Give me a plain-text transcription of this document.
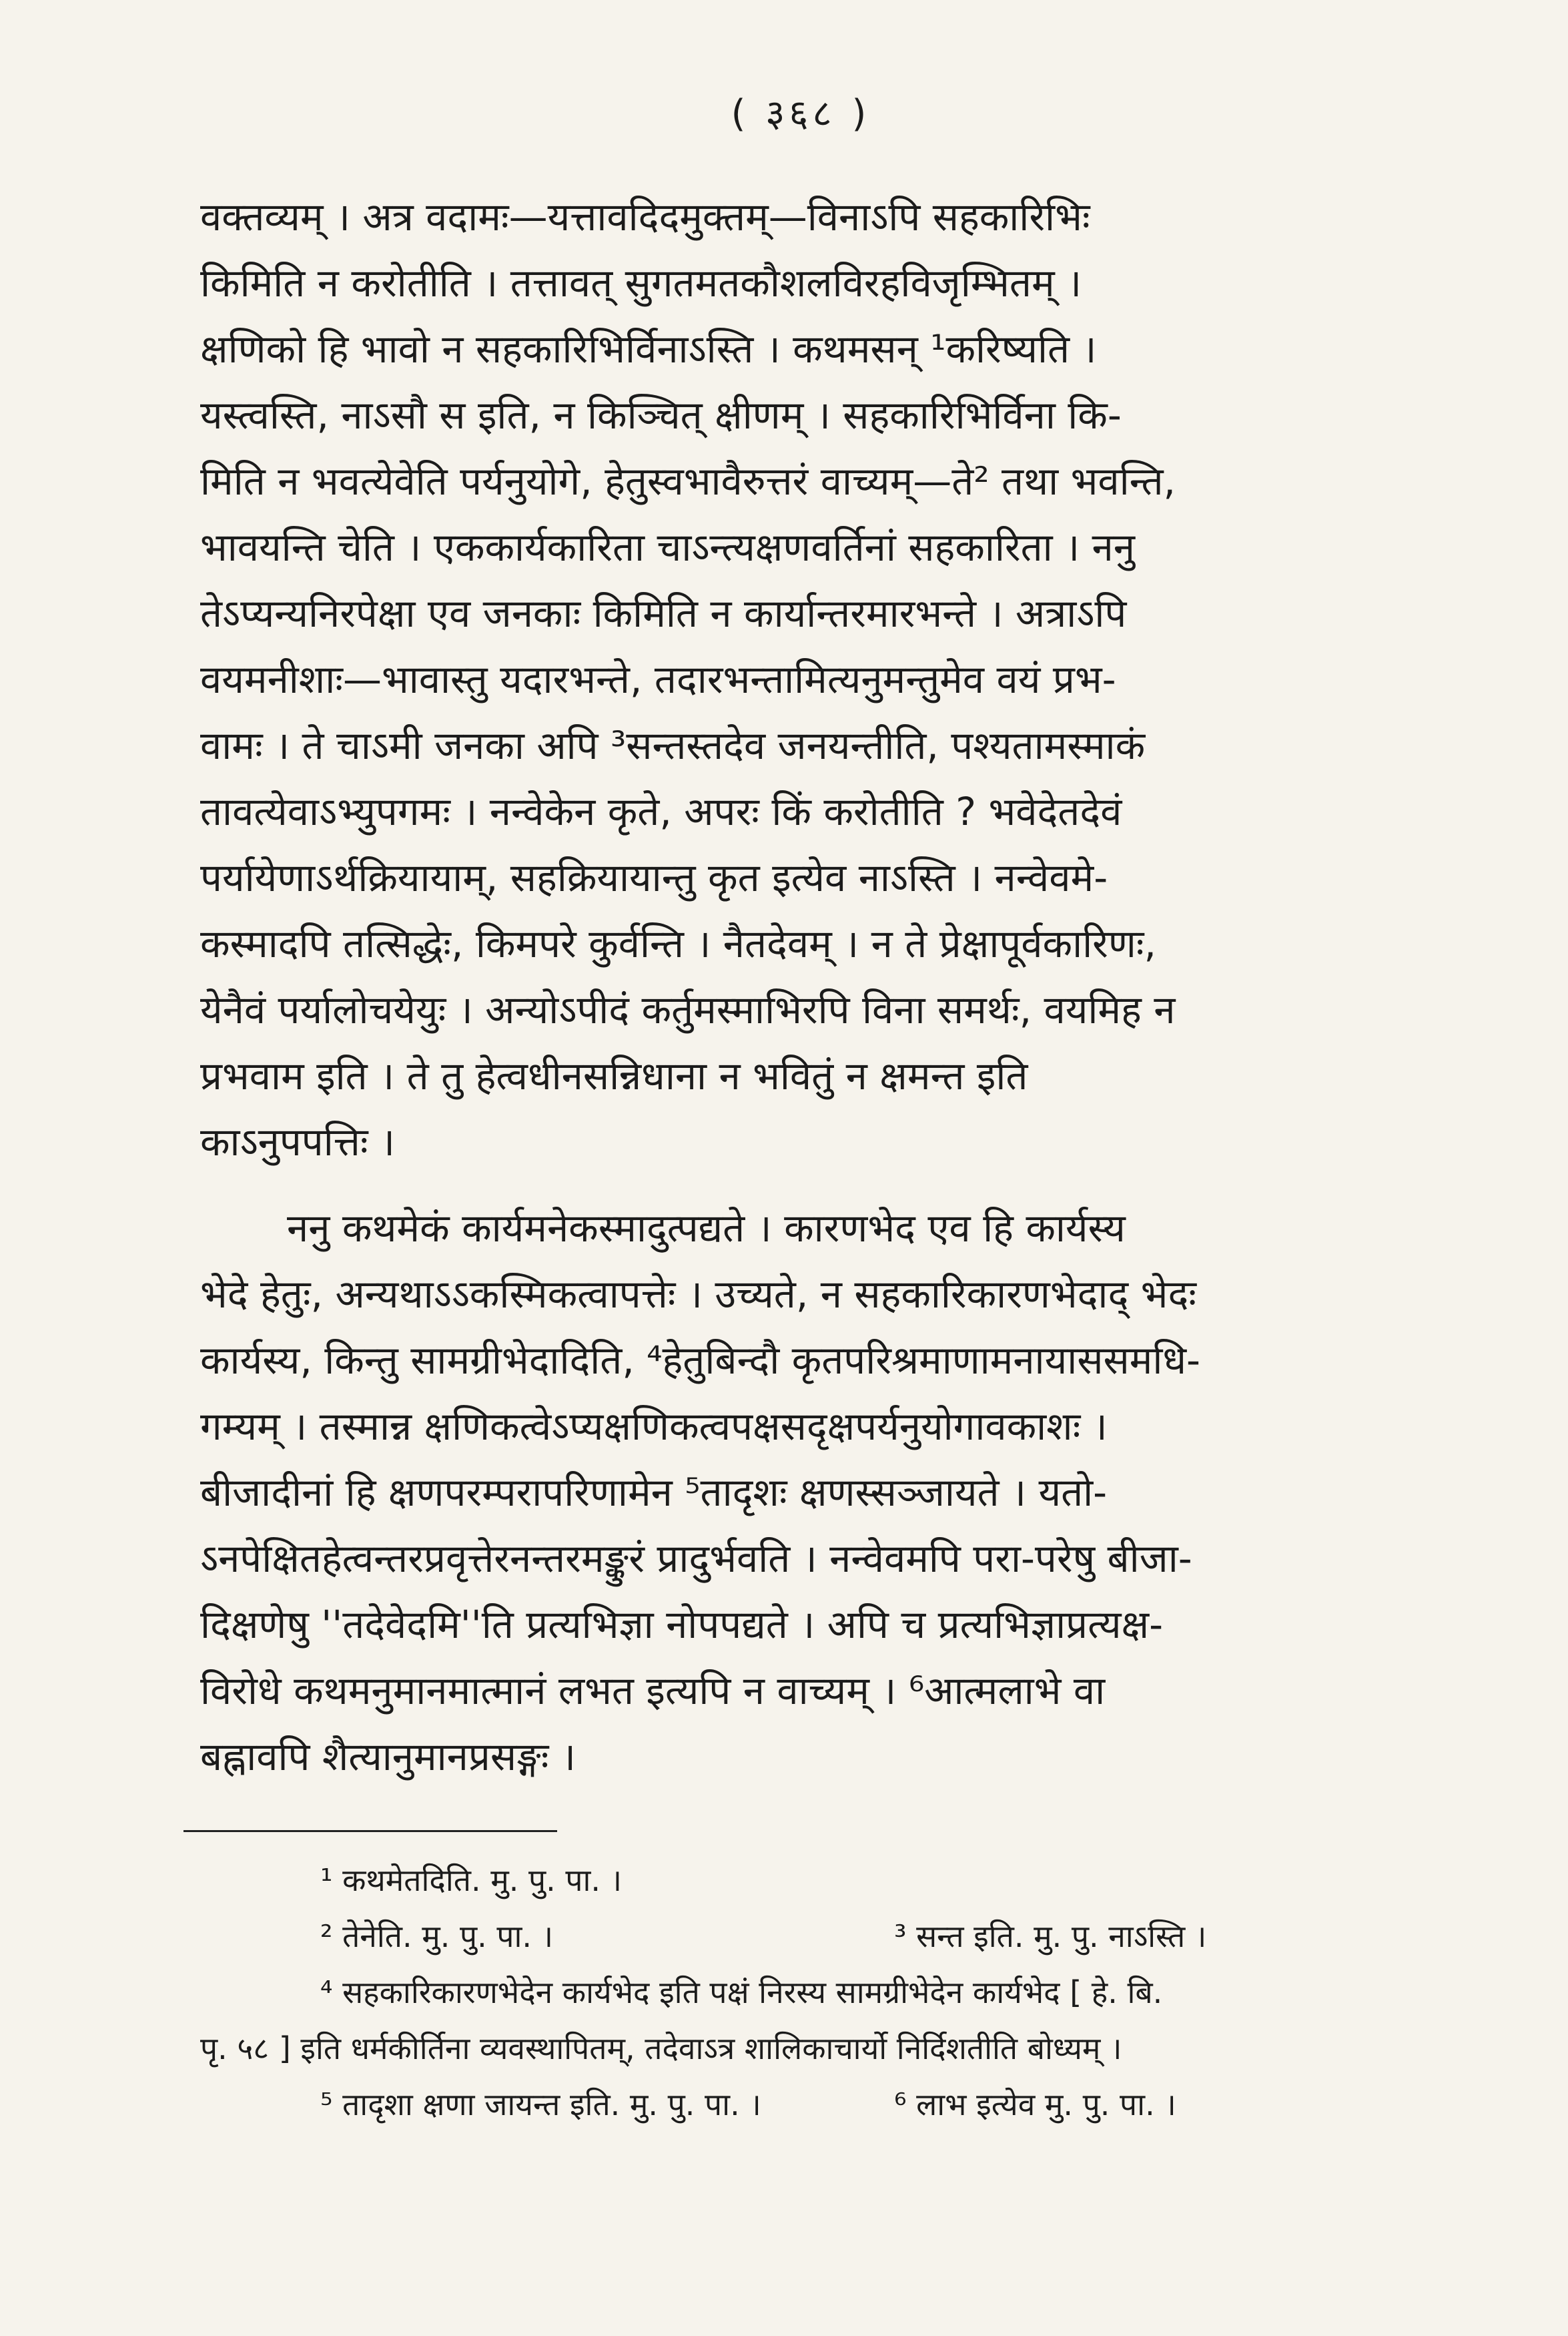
( ३६८ )

वक्तव्यम् । अत्र वदामः—यत्तावदिदमुक्तम्—विनाऽपि सहकारिभिः
किमिति न करोतीति । तत्तावत् सुगतमतकौशलविरहविजृम्भितम् ।
क्षणिको हि भावो न सहकारिभिर्विनाऽस्ति । कथमसन् ¹करिष्यति ।
यस्त्वस्ति, नाऽसौ स इति, न किञ्चित् क्षीणम् । सहकारिभिर्विना कि-
मिति न भवत्येवेति पर्यनुयोगे, हेतुस्वभावैरुत्तरं वाच्यम्—ते² तथा भवन्ति,
भावयन्ति चेति । एककार्यकारिता चाऽन्त्यक्षणवर्तिनां सहकारिता । ननु
तेऽप्यन्यनिरपेक्षा एव जनकाः किमिति न कार्यान्तरमारभन्ते । अत्राऽपि
वयमनीशाः—भावास्तु यदारभन्ते, तदारभन्तामित्यनुमन्तुमेव वयं प्रभ-
वामः । ते चाऽमी जनका अपि ³सन्तस्तदेव जनयन्तीति, पश्यतामस्माकं
तावत्येवाऽभ्युपगमः । नन्वेकेन कृते, अपरः किं करोतीति ? भवेदेतदेवं
पर्यायेणाऽर्थक्रियायाम्, सहक्रियायान्तु कृत इत्येव नाऽस्ति । नन्वेवमे-
कस्मादपि तत्सिद्धेः, किमपरे कुर्वन्ति । नैतदेवम् । न ते प्रेक्षापूर्वकारिणः,
येनैवं पर्यालोचयेयुः । अन्योऽपीदं कर्तुमस्माभिरपि विना समर्थः, वयमिह न
प्रभवाम इति । ते तु हेत्वधीनसन्निधाना न भवितुं न क्षमन्त इति
काऽनुपपत्तिः ।

ननु कथमेकं कार्यमनेकस्मादुत्पद्यते । कारणभेद एव हि कार्यस्य
भेदे हेतुः, अन्यथाऽऽकस्मिकत्वापत्तेः । उच्यते, न सहकारिकारणभेदाद् भेदः
कार्यस्य, किन्तु सामग्रीभेदादिति, ⁴हेतुबिन्दौ कृतपरिश्रमाणामनायाससमधि-
गम्यम् । तस्मान्न क्षणिकत्वेऽप्यक्षणिकत्वपक्षसदृक्षपर्यनुयोगावकाशः ।
बीजादीनां हि क्षणपरम्परापरिणामेन ⁵तादृशः क्षणस्सञ्जायते । यतो-
ऽनपेक्षितहेत्वन्तरप्रवृत्तेरनन्तरमङ्कुरं प्रादुर्भवति । नन्वेवमपि परा-परेषु बीजा-
दिक्षणेषु ''तदेवेदमि''ति प्रत्यभिज्ञा नोपपद्यते । अपि च प्रत्यभिज्ञाप्रत्यक्ष-
विरोधे कथमनुमानमात्मानं लभत इत्यपि न वाच्यम् । ⁶आत्मलाभे वा
बह्नावपि शैत्यानुमानप्रसङ्गः ।

¹ कथमेतदिति. मु. पु. पा. ।
² तेनेति. मु. पु. पा. ।	³ सन्त इति. मु. पु. नाऽस्ति ।
⁴ सहकारिकारणभेदेन कार्यभेद इति पक्षं निरस्य सामग्रीभेदेन कार्यभेद [ हे. बि.
पृ. ५८ ] इति धर्मकीर्तिना व्यवस्थापितम्, तदेवाऽत्र शालिकाचार्यो निर्दिशतीति बोध्यम् ।
⁵ तादृशा क्षणा जायन्त इति. मु. पु. पा. ।	⁶ लाभ इत्येव मु. पु. पा. ।
